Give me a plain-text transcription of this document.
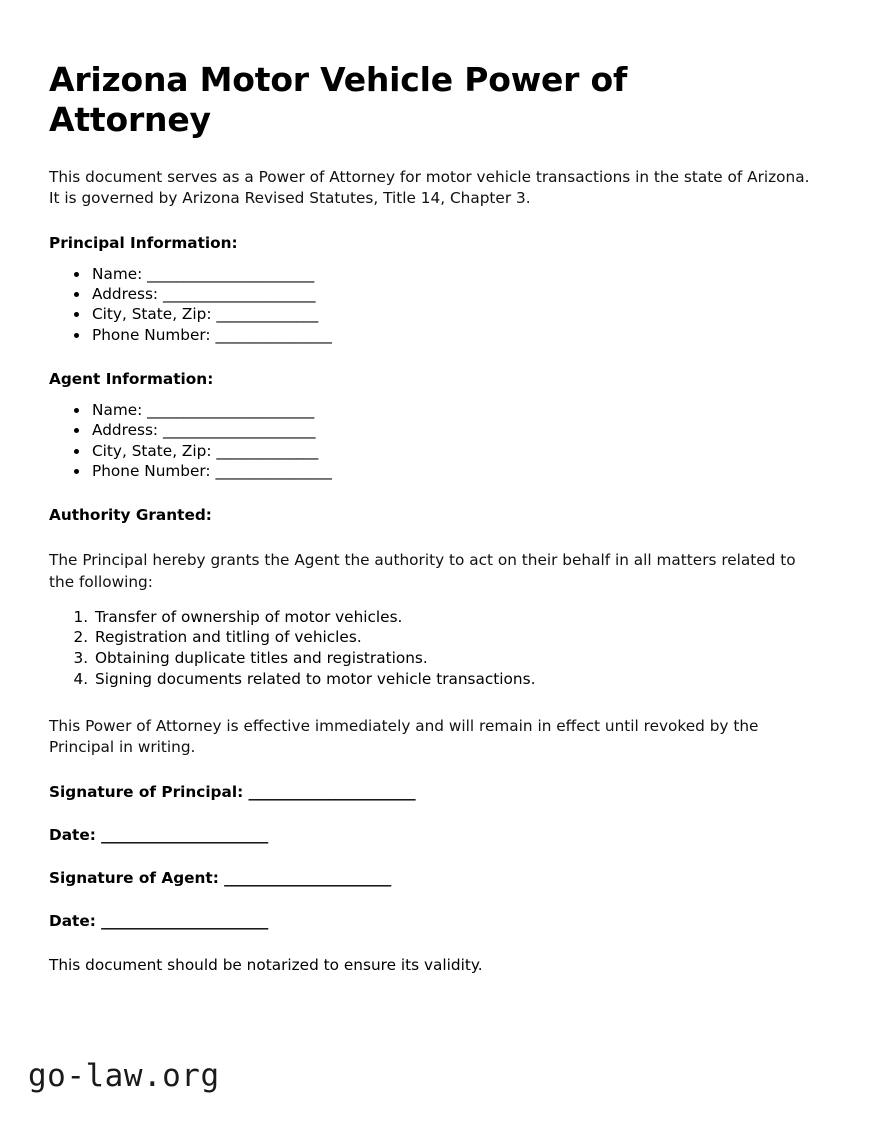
Arizona Motor Vehicle Power of Attorney

This document serves as a Power of Attorney for motor vehicle transactions in the state of Arizona. It is governed by Arizona Revised Statutes, Title 14, Chapter 3.

Principal Information:
• Name: _______________________
• Address: _____________________
• City, State, Zip: ______________
• Phone Number: ________________
Agent Information:
• Name: _______________________
• Address: _____________________
• City, State, Zip: ______________
• Phone Number: ________________
Authority Granted:

The Principal hereby grants the Agent the authority to act on their behalf in all matters related to the following:

1. Transfer of ownership of motor vehicles.
2. Registration and titling of vehicles.
3. Obtaining duplicate titles and registrations.
4. Signing documents related to motor vehicle transactions.

This Power of Attorney is effective immediately and will remain in effect until revoked by the Principal in writing.

Signature of Principal: _______________________
Date: _______________________
Signature of Agent: _______________________
Date: _______________________

This document should be notarized to ensure its validity.

go-law.org
